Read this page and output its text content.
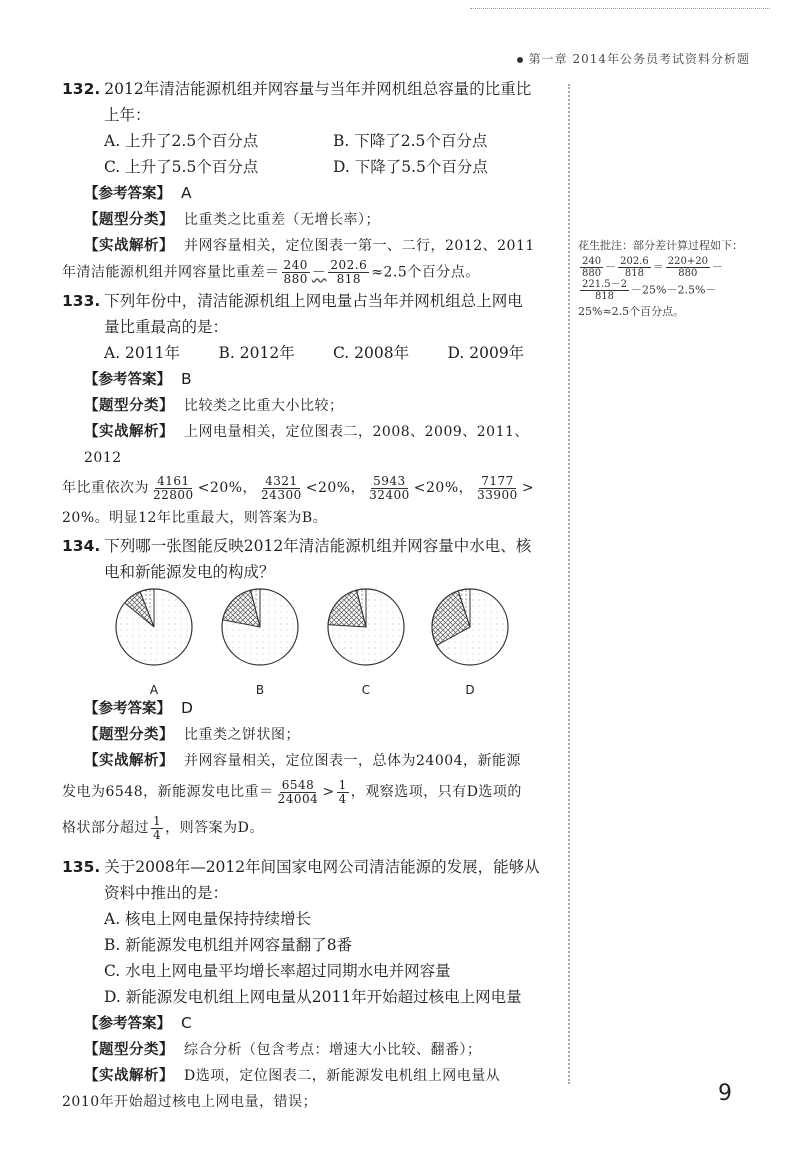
第一章 2014年公务员考试资料分析题
132. 2012年清洁能源机组并网容量与当年并网机组总容量的比重比
上年：
A. 上升了2.5个百分点	B. 下降了2.5个百分点
C. 上升了5.5个百分点	D. 下降了5.5个百分点
【参考答案】 A
【题型分类】 比重类之比重差（无增长率）；
【实战解析】 并网容量相关，定位图表一第一、二行，2012、2011
年清洁能源机组并网容量比重差＝ $\frac{240}{880} - \frac{202.6}{818} \approx 2.5$个百分点。
133. 下列年份中，清洁能源机组上网电量占当年并网机组总上网电
量比重最高的是：
A. 2011年	B. 2012年	C. 2008年	D. 2009年
【参考答案】 B
【题型分类】 比较类之比重大小比较；
【实战解析】 上网电量相关，定位图表二，2008、2009、2011、2012
年比重依次为 $\frac{4161}{22800} <20\%$， $\frac{4321}{24300} <20\%$， $\frac{5943}{32400} <20\%$， $\frac{7177}{33900}$ >
20%。明显12年比重最大，则答案为B。
134. 下列哪一张图能反映2012年清洁能源机组并网容量中水电、核
电和新能源发电的构成？
A	B	C	D
【参考答案】 D
【题型分类】 比重类之饼状图；
【实战解析】 并网容量相关，定位图表一，总体为24004，新能源
发电为6548，新能源发电比重＝ $\frac{6548}{24004} > \frac{1}{4}$ ，观察选项，只有D选项的
格状部分超过 $\frac{1}{4}$ ，则答案为D。
135. 关于2008年—2012年间国家电网公司清洁能源的发展，能够从
资料中推出的是：
A. 核电上网电量保持持续增长
B. 新能源发电机组并网容量翻了8番
C. 水电上网电量平均增长率超过同期水电并网容量
D. 新能源发电机组上网电量从2011年开始超过核电上网电量
【参考答案】 C
【题型分类】 综合分析（包含考点：增速大小比较、翻番）；
【实战解析】 D选项，定位图表二，新能源发电机组上网电量从
2010年开始超过核电上网电量，错误；
花生批注：部分差计算过程如下：
$\frac{240}{880} - \frac{202.6}{818} = \frac{220+20}{880}$ －
$\frac{221.5-2}{818} -25\%-2.5\%-$
25%≈2.5个百分点。
9
